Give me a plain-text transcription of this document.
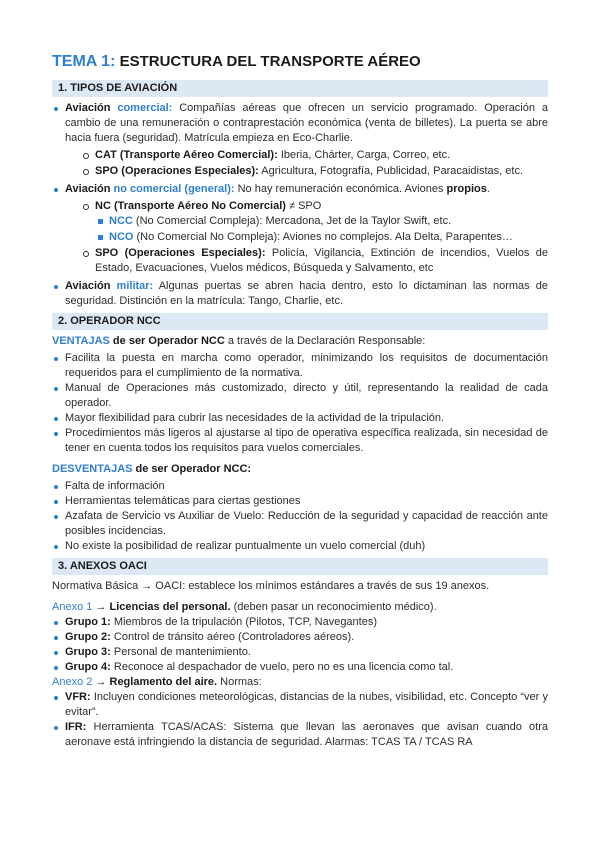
TEMA 1: ESTRUCTURA DEL TRANSPORTE AÉREO
1. TIPOS DE AVIACIÓN
Aviación comercial: Compañías aéreas que ofrecen un servicio programado. Operación a cambio de una remuneración o contraprestación económica (venta de billetes). La puerta se abre hacia fuera (seguridad). Matrícula empieza en Eco-Charlie.
CAT (Transporte Aéreo Comercial): Iberia, Chárter, Carga, Correo, etc.
SPO (Operaciones Especiales): Agricultura, Fotografía, Publicidad, Paracaidistas, etc.
Aviación no comercial (general): No hay remuneración económica. Aviones propios.
NC (Transporte Aéreo No Comercial) ≠ SPO
NCC (No Comercial Compleja): Mercadona, Jet de la Taylor Swift, etc.
NCO (No Comercial No Compleja): Aviones no complejos. Ala Delta, Parapentes…
SPO (Operaciones Especiales): Policía, Vigilancia, Extinción de incendios, Vuelos de Estado, Evacuaciones, Vuelos médicos, Búsqueda y Salvamento, etc
Aviación militar: Algunas puertas se abren hacia dentro, esto lo dictaminan las normas de seguridad. Distinción en la matrícula: Tango, Charlie, etc.
2. OPERADOR NCC

VENTAJAS de ser Operador NCC a través de la Declaración Responsable:

Facilita la puesta en marcha como operador, minimizando los requisitos de documentación requeridos para el cumplimiento de la normativa.
Manual de Operaciones más customizado, directo y útil, representando la realidad de cada operador.
Mayor flexibilidad para cubrir las necesidades de la actividad de la tripulación.
Procedimientos más ligeros al ajustarse al tipo de operativa específica realizada, sin necesidad de tener en cuenta todos los requisitos para vuelos comerciales.

DESVENTAJAS de ser Operador NCC:

Falta de información
Herramientas telemáticas para ciertas gestiones
Azafata de Servicio vs Auxiliar de Vuelo: Reducción de la seguridad y capacidad de reacción ante posibles incidencias.
No existe la posibilidad de realizar puntualmente un vuelo comercial (duh)
3. ANEXOS OACI

Normativa Básica → OACI: establece los mínimos estándares a través de sus 19 anexos.

Anexo 1 → Licencias del personal. (deben pasar un reconocimiento médico).

Grupo 1: Miembros de la tripulación (Pilotos, TCP, Navegantes)
Grupo 2: Control de tránsito aéreo (Controladores aéreos).
Grupo 3: Personal de mantenimiento.
Grupo 4: Reconoce al despachador de vuelo, pero no es una licencia como tal.

Anexo 2 → Reglamento del aire. Normas:

VFR: Incluyen condiciones meteorológicas, distancias de la nubes, visibilidad, etc. Concepto “ver y evitar”.
IFR: Herramienta TCAS/ACAS: Sistema que llevan las aeronaves que avisan cuando otra aeronave está infringiendo la distancia de seguridad. Alarmas: TCAS TA / TCAS RA
